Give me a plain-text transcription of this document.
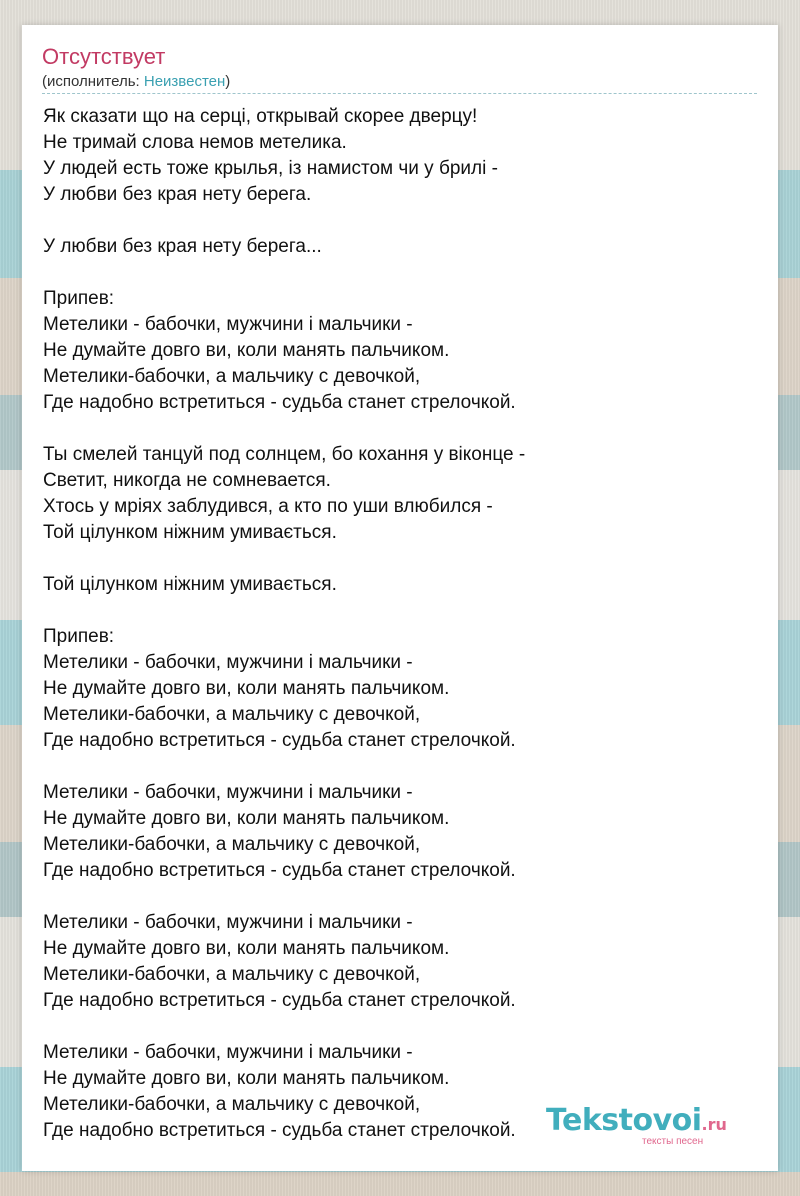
Отсутствует
(исполнитель: Неизвестен)
Як сказати що на серці, открывай скорее дверцу!
Не тримай слова немов метелика.
У людей есть тоже крылья, із намистом чи у брилі -
У любви без края нету берега.

У любви без края нету берега...

Припев:
Метелики - бабочки, мужчини і мальчики -
Не думайте довго ви, коли манять пальчиком.
Метелики-бабочки, а мальчику с девочкой,
Где надобно встретиться - судьба станет стрелочкой.

Ты смелей танцуй под солнцем, бо кохання у віконце -
Светит, никогда не сомневается.
Хтось у мріях заблудився, а кто по уши влюбился -
Той цілунком ніжним умивається.

Той цілунком ніжним умивається.

Припев:
Метелики - бабочки, мужчини і мальчики -
Не думайте довго ви, коли манять пальчиком.
Метелики-бабочки, а мальчику с девочкой,
Где надобно встретиться - судьба станет стрелочкой.

Метелики - бабочки, мужчини і мальчики -
Не думайте довго ви, коли манять пальчиком.
Метелики-бабочки, а мальчику с девочкой,
Где надобно встретиться - судьба станет стрелочкой.

Метелики - бабочки, мужчини і мальчики -
Не думайте довго ви, коли манять пальчиком.
Метелики-бабочки, а мальчику с девочкой,
Где надобно встретиться - судьба станет стрелочкой.

Метелики - бабочки, мужчини і мальчики -
Не думайте довго ви, коли манять пальчиком.
Метелики-бабочки, а мальчику с девочкой,
Где надобно встретиться - судьба станет стрелочкой.	Tekstovoi.ru
тексты песен
